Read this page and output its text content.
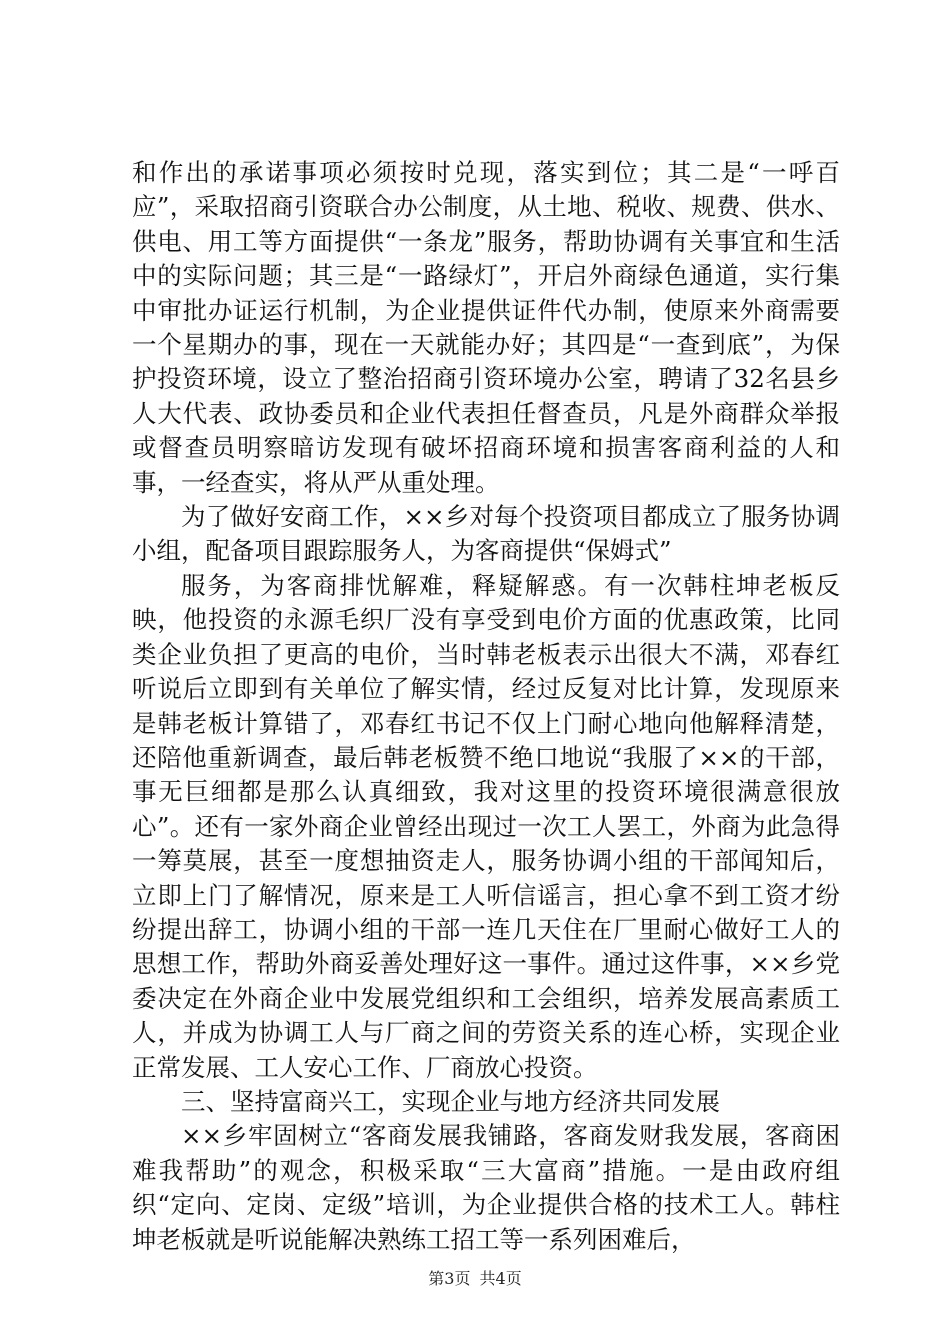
和作出的承诺事项必须按时兑现，落实到位；其二是“一呼百应”，采取招商引资联合办公制度，从土地、税收、规费、供水、供电、用工等方面提供“一条龙”服务，帮助协调有关事宜和生活中的实际问题；其三是“一路绿灯”，开启外商绿色通道，实行集中审批办证运行机制，为企业提供证件代办制，使原来外商需要一个星期办的事，现在一天就能办好；其四是“一查到底”，为保护投资环境，设立了整治招商引资环境办公室，聘请了32名县乡人大代表、政协委员和企业代表担任督查员，凡是外商群众举报或督查员明察暗访发现有破坏招商环境和损害客商利益的人和事，一经查实，将从严从重处理。

为了做好安商工作，××乡对每个投资项目都成立了服务协调小组，配备项目跟踪服务人，为客商提供“保姆式”

服务，为客商排忧解难，释疑解惑。有一次韩柱坤老板反映，他投资的永源毛织厂没有享受到电价方面的优惠政策，比同类企业负担了更高的电价，当时韩老板表示出很大不满，邓春红听说后立即到有关单位了解实情，经过反复对比计算，发现原来是韩老板计算错了，邓春红书记不仅上门耐心地向他解释清楚，还陪他重新调查，最后韩老板赞不绝口地说“我服了××的干部，事无巨细都是那么认真细致，我对这里的投资环境很满意很放心”。还有一家外商企业曾经出现过一次工人罢工，外商为此急得一筹莫展，甚至一度想抽资走人，服务协调小组的干部闻知后，立即上门了解情况，原来是工人听信谣言，担心拿不到工资才纷纷提出辞工，协调小组的干部一连几天住在厂里耐心做好工人的思想工作，帮助外商妥善处理好这一事件。通过这件事，××乡党委决定在外商企业中发展党组织和工会组织，培养发展高素质工人，并成为协调工人与厂商之间的劳资关系的连心桥，实现企业正常发展、工人安心工作、厂商放心投资。

三、坚持富商兴工，实现企业与地方经济共同发展

××乡牢固树立“客商发展我铺路，客商发财我发展，客商困难我帮助”的观念，积极采取“三大富商”措施。一是由政府组织“定向、定岗、定级”培训，为企业提供合格的技术工人。韩柱坤老板就是听说能解决熟练工招工等一系列困难后，

第3页 共4页
